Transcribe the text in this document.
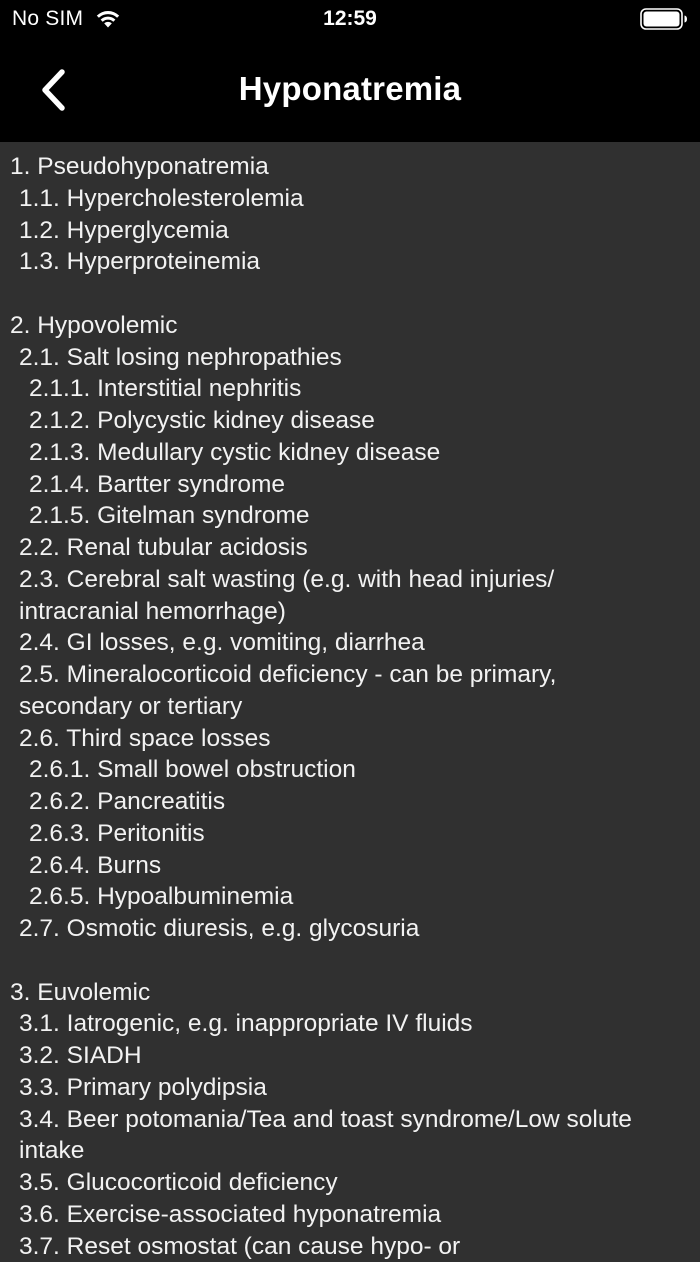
No SIM	12:59
Hyponatremia
1. Pseudohyponatremia
1.1. Hypercholesterolemia
1.2. Hyperglycemia
1.3. Hyperproteinemia
2. Hypovolemic
2.1. Salt losing nephropathies
2.1.1. Interstitial nephritis
2.1.2. Polycystic kidney disease
2.1.3. Medullary cystic kidney disease
2.1.4. Bartter syndrome
2.1.5. Gitelman syndrome
2.2. Renal tubular acidosis
2.3. Cerebral salt wasting (e.g. with head injuries/ intracranial hemorrhage)
2.4. GI losses, e.g. vomiting, diarrhea
2.5. Mineralocorticoid deficiency - can be primary, secondary or tertiary
2.6. Third space losses
2.6.1. Small bowel obstruction
2.6.2. Pancreatitis
2.6.3. Peritonitis
2.6.4. Burns
2.6.5. Hypoalbuminemia
2.7. Osmotic diuresis, e.g. glycosuria
3. Euvolemic
3.1. Iatrogenic, e.g. inappropriate IV fluids
3.2. SIADH
3.3. Primary polydipsia
3.4. Beer potomania/Tea and toast syndrome/Low solute intake
3.5. Glucocorticoid deficiency
3.6. Exercise-associated hyponatremia
3.7. Reset osmostat (can cause hypo- or
